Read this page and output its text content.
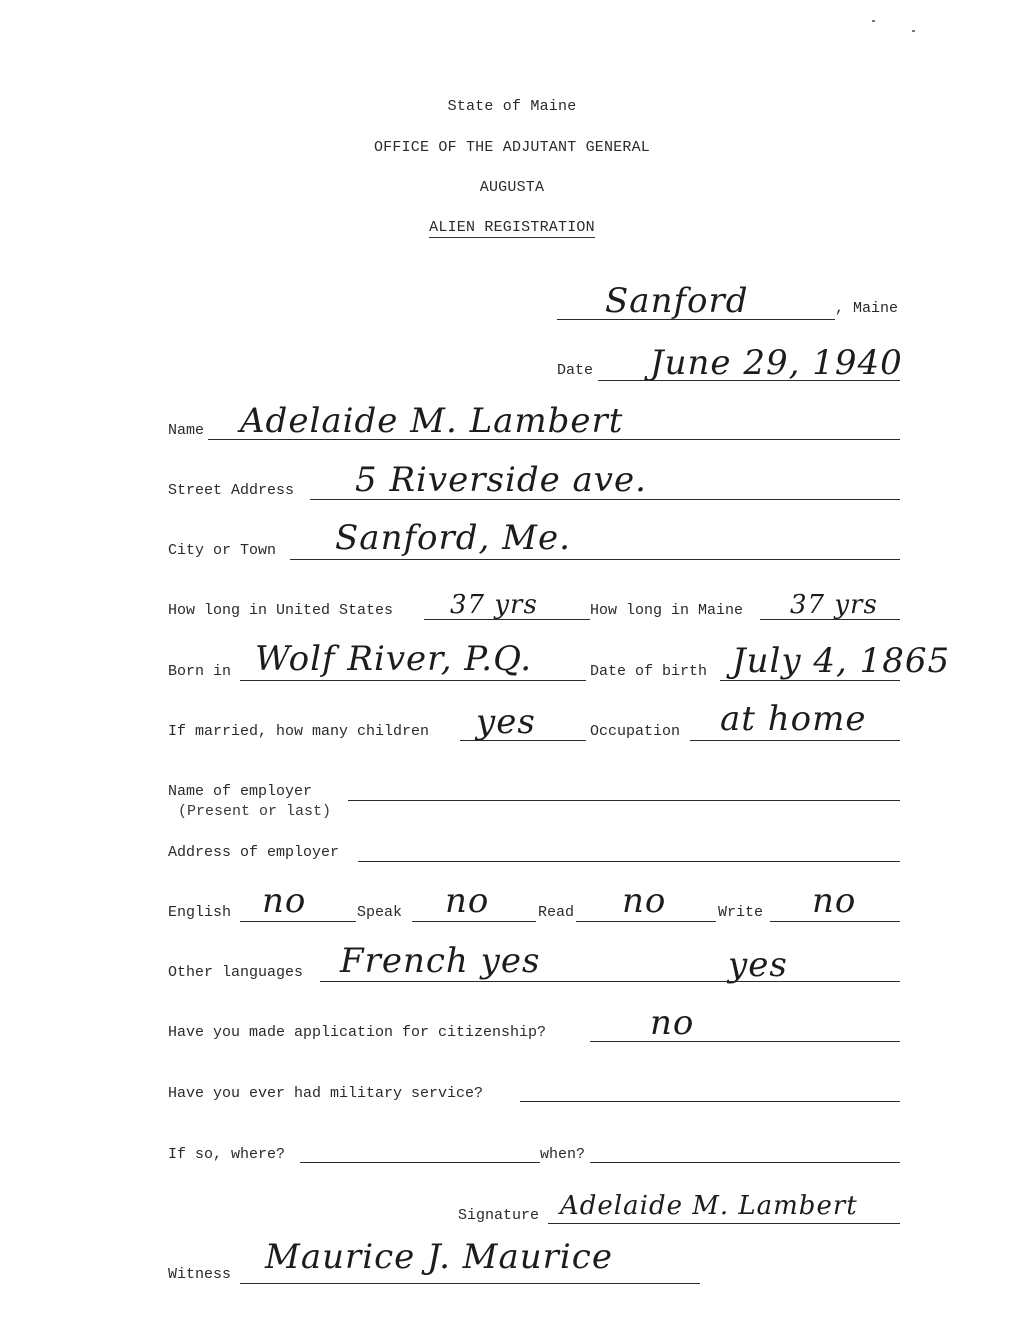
State of Maine
OFFICE OF THE ADJUTANT GENERAL
AUGUSTA
ALIEN REGISTRATION
Sanford	, Maine
Date June 29, 1940
Name Adelaide M. Lambert
Street Address 5 Riverside ave.
City or Town Sanford, Me.
How long in United States 37 yrs	How long in Maine 37 yrs
Born in Wolf River, P.Q.	Date of birth July 4, 1865
If married, how many children yes	Occupation at home
Name of employer
(Present or last)
Address of employer
English no	Speak no	Read no	Write no
Other languages French yes	yes
Have you made application for citizenship?	no
Have you ever had military service?
If so, where?	when?
Signature Adelaide M. Lambert
Witness Maurice J. Maurice
